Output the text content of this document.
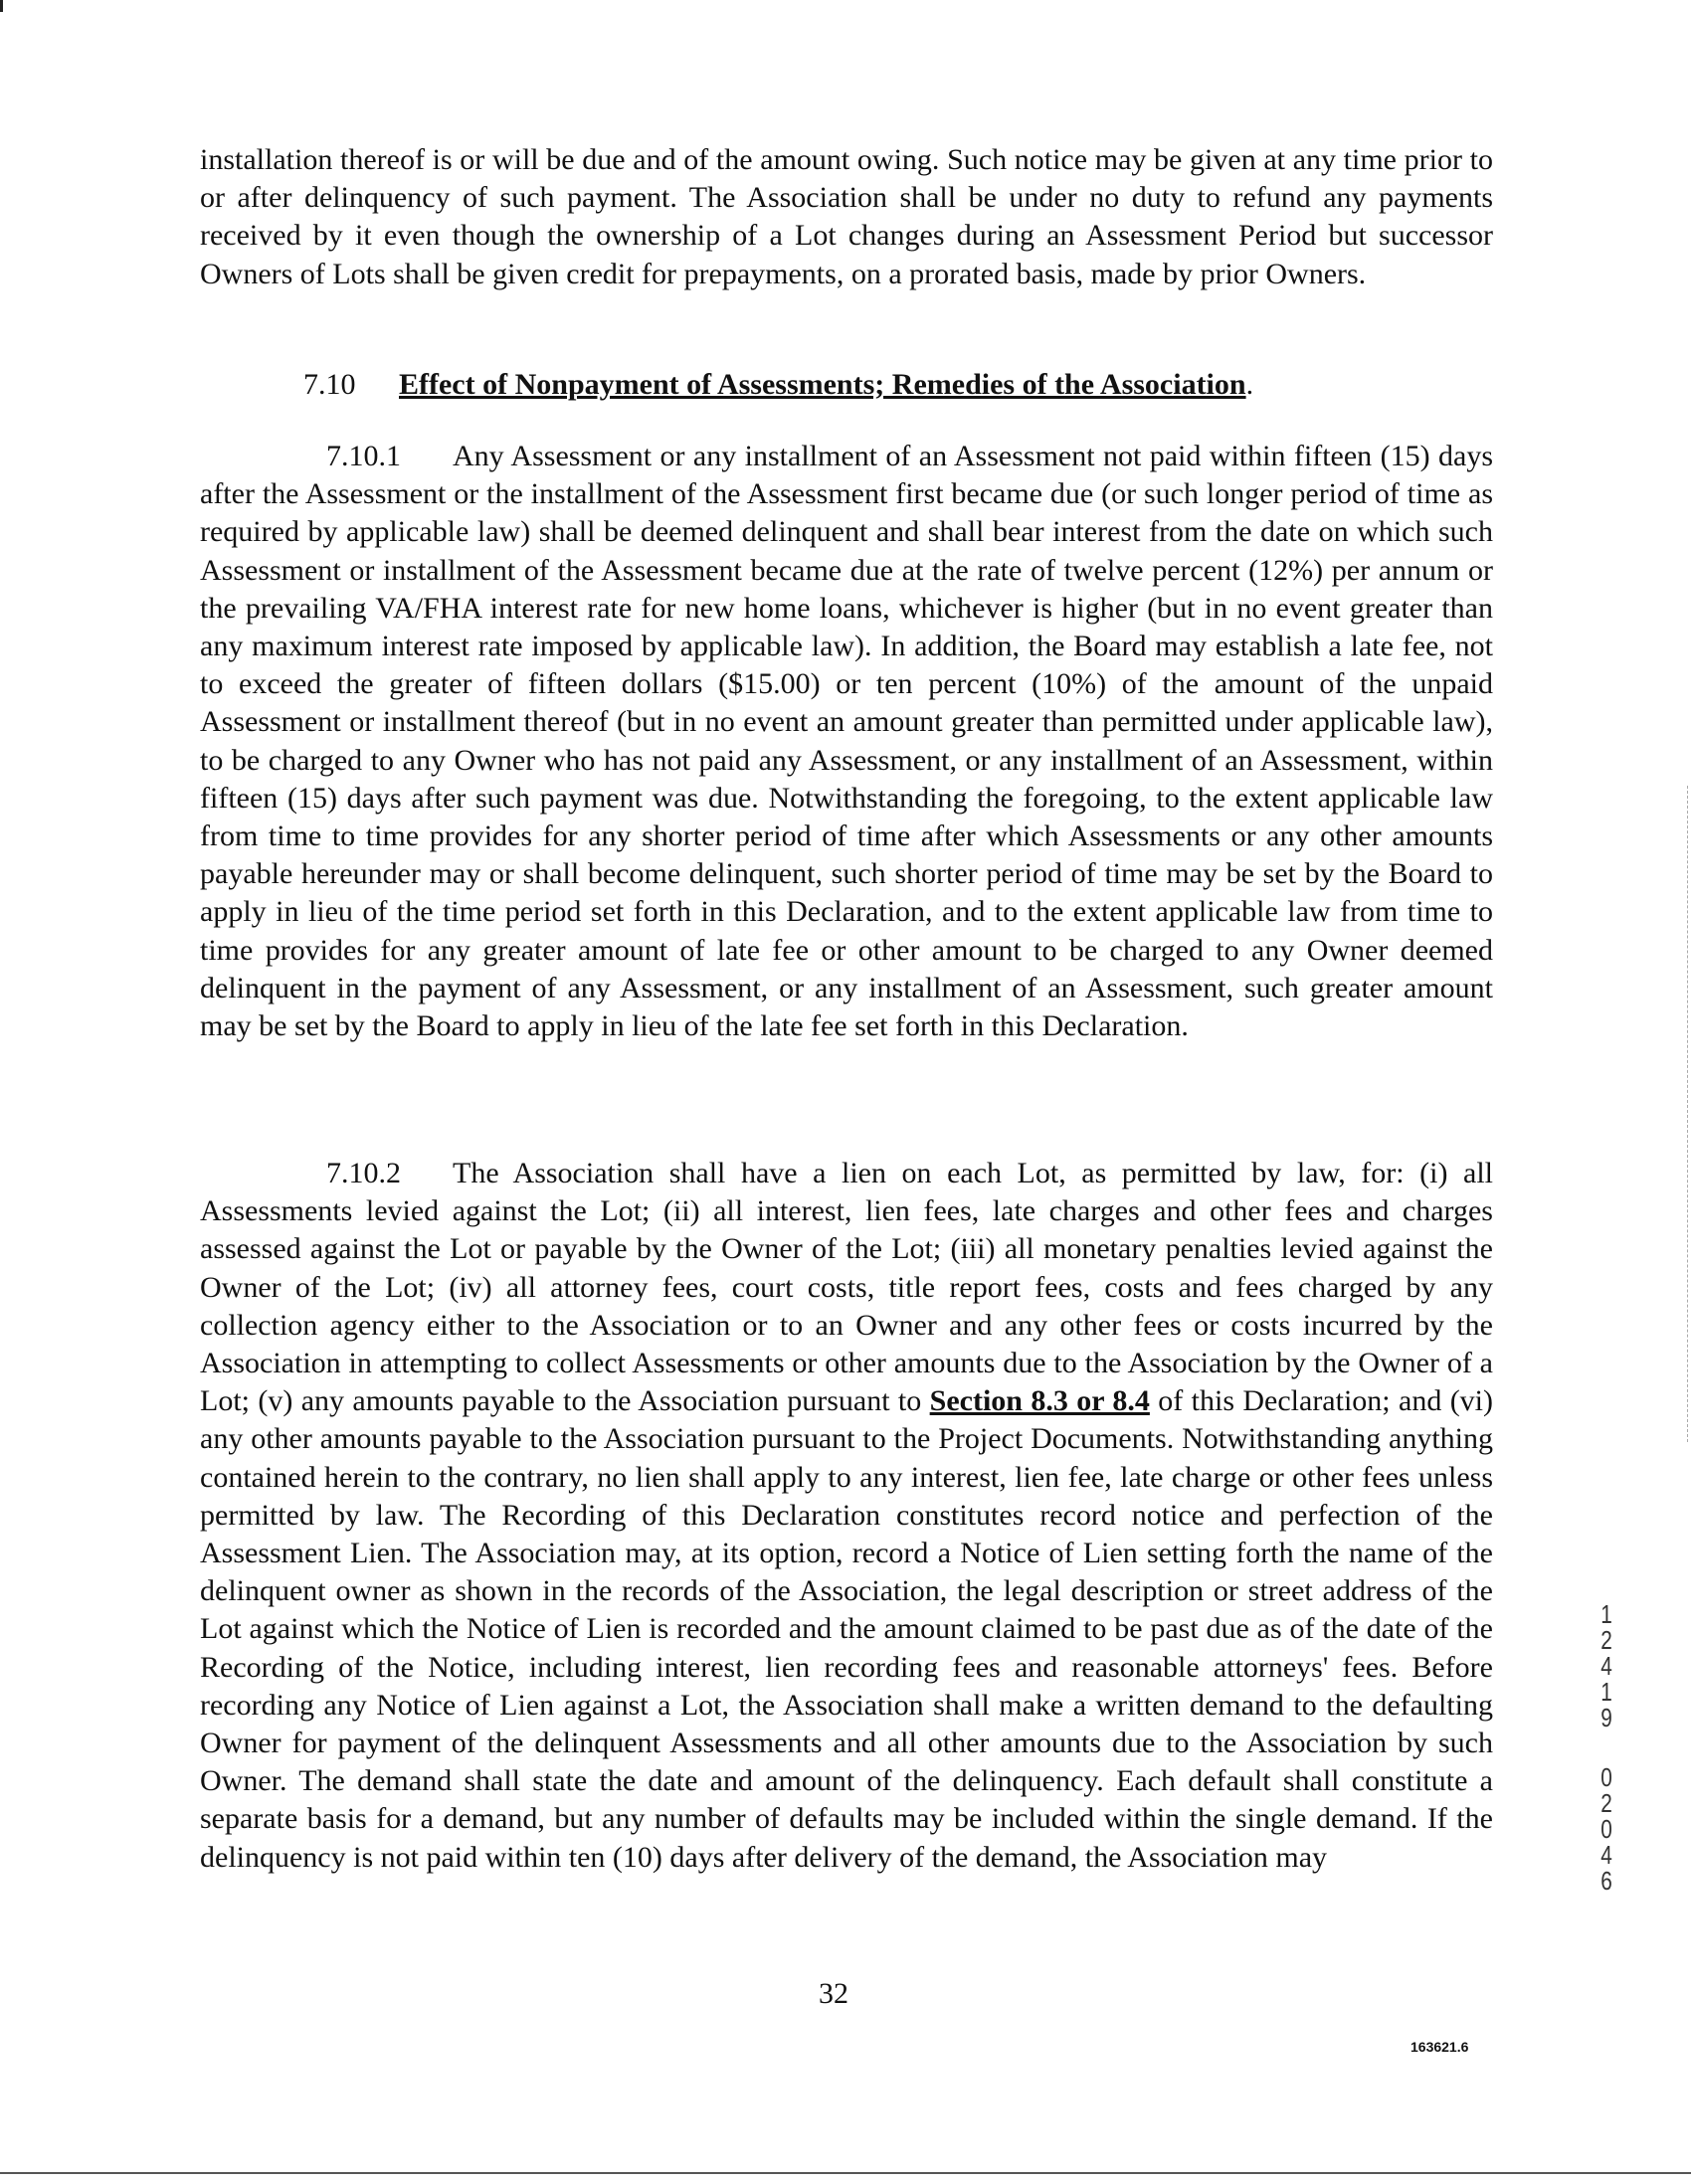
installation thereof is or will be due and of the amount owing. Such notice may be given at any time prior to or after delinquency of such payment. The Association shall be under no duty to refund any payments received by it even though the ownership of a Lot changes during an Assessment Period but successor Owners of Lots shall be given credit for prepayments, on a prorated basis, made by prior Owners.

7.10 Effect of Nonpayment of Assessments; Remedies of the Association.

7.10.1 Any Assessment or any installment of an Assessment not paid within fifteen (15) days after the Assessment or the installment of the Assessment first became due (or such longer period of time as required by applicable law) shall be deemed delinquent and shall bear interest from the date on which such Assessment or installment of the Assessment became due at the rate of twelve percent (12%) per annum or the prevailing VA/FHA interest rate for new home loans, whichever is higher (but in no event greater than any maximum interest rate imposed by applicable law). In addition, the Board may establish a late fee, not to exceed the greater of fifteen dollars ($15.00) or ten percent (10%) of the amount of the unpaid Assessment or installment thereof (but in no event an amount greater than permitted under applicable law), to be charged to any Owner who has not paid any Assessment, or any installment of an Assessment, within fifteen (15) days after such payment was due. Notwithstanding the foregoing, to the extent applicable law from time to time provides for any shorter period of time after which Assessments or any other amounts payable hereunder may or shall become delinquent, such shorter period of time may be set by the Board to apply in lieu of the time period set forth in this Declaration, and to the extent applicable law from time to time provides for any greater amount of late fee or other amount to be charged to any Owner deemed delinquent in the payment of any Assessment, or any installment of an Assessment, such greater amount may be set by the Board to apply in lieu of the late fee set forth in this Declaration.

7.10.2 The Association shall have a lien on each Lot, as permitted by law, for: (i) all Assessments levied against the Lot; (ii) all interest, lien fees, late charges and other fees and charges assessed against the Lot or payable by the Owner of the Lot; (iii) all monetary penalties levied against the Owner of the Lot; (iv) all attorney fees, court costs, title report fees, costs and fees charged by any collection agency either to the Association or to an Owner and any other fees or costs incurred by the Association in attempting to collect Assessments or other amounts due to the Association by the Owner of a Lot; (v) any amounts payable to the Association pursuant to Section 8.3 or 8.4 of this Declaration; and (vi) any other amounts payable to the Association pursuant to the Project Documents. Notwithstanding anything contained herein to the contrary, no lien shall apply to any interest, lien fee, late charge or other fees unless permitted by law. The Recording of this Declaration constitutes record notice and perfection of the Assessment Lien. The Association may, at its option, record a Notice of Lien setting forth the name of the delinquent owner as shown in the records of the Association, the legal description or street address of the Lot against which the Notice of Lien is recorded and the amount claimed to be past due as of the date of the Recording of the Notice, including interest, lien recording fees and reasonable attorneys' fees. Before recording any Notice of Lien against a Lot, the Association shall make a written demand to the defaulting Owner for payment of the delinquent Assessments and all other amounts due to the Association by such Owner. The demand shall state the date and amount of the delinquency. Each default shall constitute a separate basis for a demand, but any number of defaults may be included within the single demand. If the delinquency is not paid within ten (10) days after delivery of the demand, the Association may

1
2
4
1
9
0
2
0
4
6
32
163621.6
